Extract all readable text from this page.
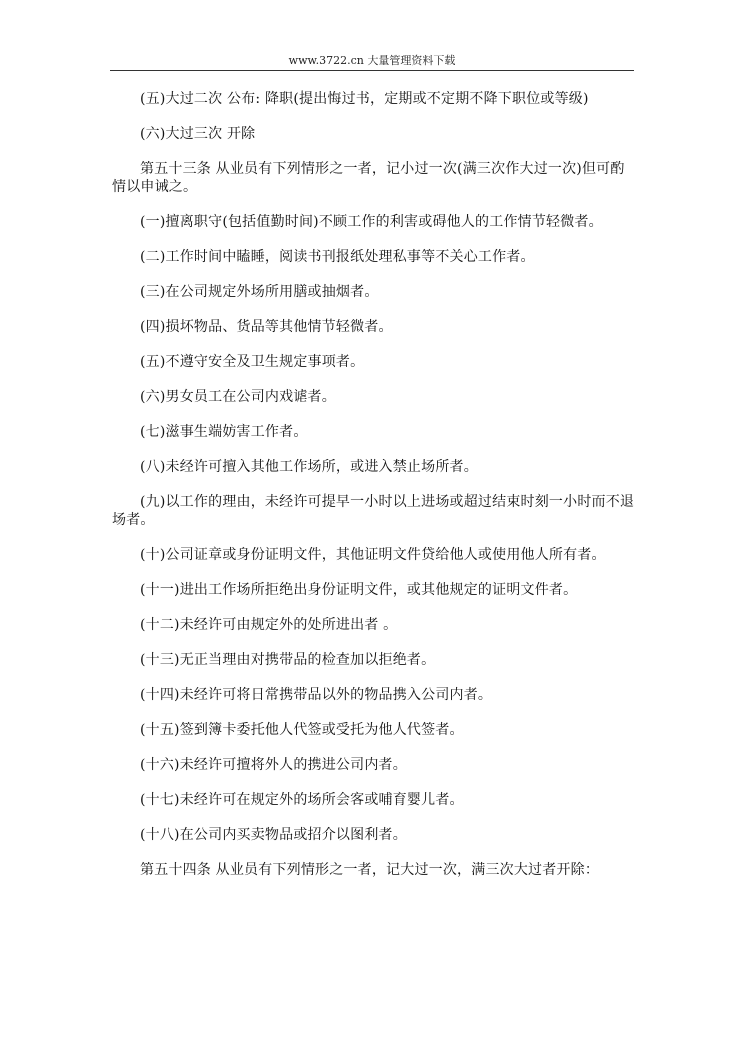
www.3722.cn 大量管理资料下载

(五)大过二次 公布: 降职(提出悔过书，定期或不定期不降下职位或等级)

(六)大过三次 开除

第五十三条 从业员有下列情形之一者，记小过一次(满三次作大过一次)但可酌情以申诫之。

(一)擅离职守(包括值勤时间)不顾工作的利害或碍他人的工作情节轻微者。

(二)工作时间中瞌睡，阅读书刊报纸处理私事等不关心工作者。

(三)在公司规定外场所用膳或抽烟者。

(四)损坏物品、货品等其他情节轻微者。

(五)不遵守安全及卫生规定事项者。

(六)男女员工在公司内戏谑者。

(七)滋事生端妨害工作者。

(八)未经许可擅入其他工作场所，或进入禁止场所者。

(九)以工作的理由，未经许可提早一小时以上进场或超过结束时刻一小时而不退场者。

(十)公司证章或身份证明文件，其他证明文件贷给他人或使用他人所有者。

(十一)进出工作场所拒绝出身份证明文件，或其他规定的证明文件者。

(十二)未经许可由规定外的处所进出者 。

(十三)无正当理由对携带品的检查加以拒绝者。

(十四)未经许可将日常携带品以外的物品携入公司内者。

(十五)签到簿卡委托他人代签或受托为他人代签者。

(十六)未经许可擅将外人的携进公司内者。

(十七)未经许可在规定外的场所会客或哺育婴儿者。

(十八)在公司内买卖物品或招介以图利者。

第五十四条 从业员有下列情形之一者，记大过一次，满三次大过者开除：
